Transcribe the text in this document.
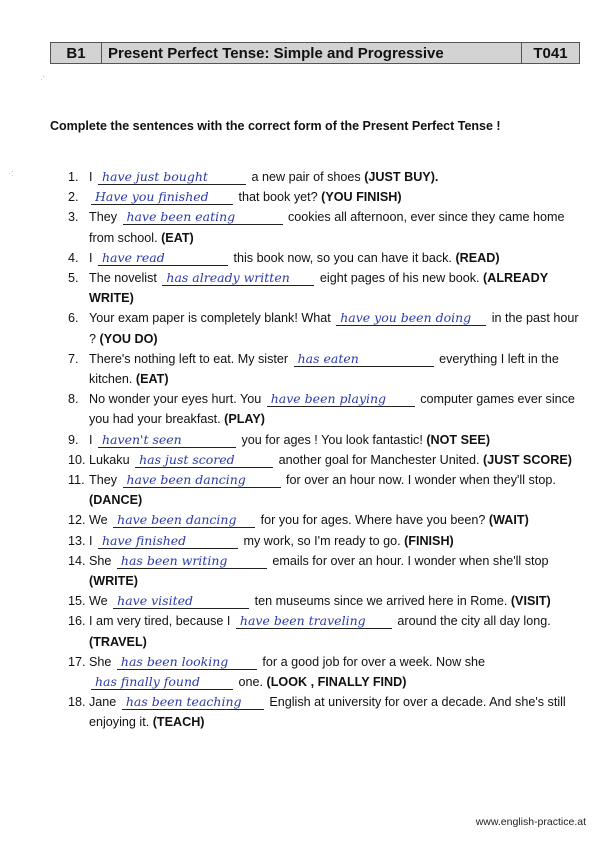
B1	Present Perfect Tense: Simple and Progressive	T041
Complete the sentences with the correct form of the Present Perfect Tense !
1. I have just bought	a new pair of shoes (JUST BUY).
2.	Have you finished that book yet? (YOU FINISH)
3. They have been eating	cookies all afternoon, ever since they came home from school. (EAT)
4. I have read	this book now, so you can have it back. (READ)
5. The novelist has already written eight pages of his new book. (ALREADY WRITE)
6. Your exam paper is completely blank! What have you been doing in the past hour ? (YOU DO)
7. There's nothing left to eat. My sister has eaten	everything I left in the kitchen. (EAT)
8. No wonder your eyes hurt. You have been playing	computer games ever since you had your breakfast. (PLAY)
9. I haven't seen	you for ages ! You look fantastic! (NOT SEE)
10. Lukaku has just scored	another goal for Manchester United. (JUST SCORE)
11. They have been dancing	for over an hour now. I wonder when they'll stop. (DANCE)
12. We have been dancing for you for ages. Where have you been? (WAIT)
13. I have finished	my work, so I'm ready to go. (FINISH)
14. She has been writing	emails for over an hour. I wonder when she'll stop (WRITE)
15. We have visited	ten museums since we arrived here in Rome. (VISIT)
16. I am very tired, because I have been traveling	around the city all day long. (TRAVEL)
17. She has been looking	for a good job for over a week. Now she has finally found	one. (LOOK , FINALLY FIND)
18. Jane has been teaching English at university for over a decade. And she's still enjoying it. (TEACH)
www.english-practice.at
·:
·'
